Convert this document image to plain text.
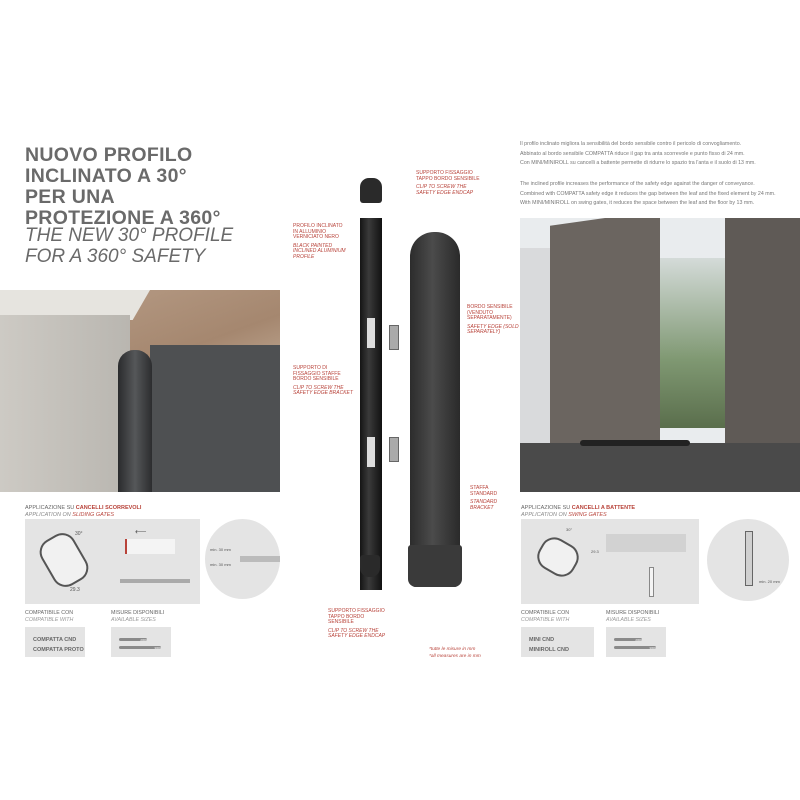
NUOVO PROFILO
INCLINATO A 30°
PER UNA
PROTEZIONE A 360°
THE NEW 30° PROFILE
FOR A 360° SAFETY
Il profilo inclinato migliora la sensibilità del bordo sensibile contro il pericolo di convogliamento.
Abbinato al bordo sensibile COMPATTA riduce il gap tra anta scorrevole e punto fisso di 24 mm.
Con MINI/MINIROLL su cancelli a battente permette di ridurre lo spazio tra l'anta e il suolo di 13 mm.
The inclined profile increases the performance of the safety edge against the danger of conveyance.
Combined with COMPATTA safety edge it reduces the gap between the leaf and the fixed element by 24 mm.
With MINI/MINIROLL on swing gates, it reduces the space between the leaf and the floor by 13 mm.
SUPPORTO FISSAGGIO TAPPO BORDO SENSIBILE
CLIP TO SCREW THE SAFETY EDGE ENDCAP
PROFILO INCLINATO IN ALLUMINIO VERNICIATO NERO
BLACK PAINTED INCLINED ALUMINIUM PROFILE
BORDO SENSIBILE (VENDUTO SEPARATAMENTE)
SAFETY EDGE (SOLD SEPARATELY)
SUPPORTO DI FISSAGGIO STAFFE BORDO SENSIBILE
CLIP TO SCREW THE SAFETY EDGE BRACKET
STAFFA STANDARD
STANDARD BRACKET
SUPPORTO FISSAGGIO TAPPO BORDO SENSIBILE
CLIP TO SCREW THE SAFETY EDGE ENDCAP
*tutte le misure in mm
*all measures are in mm
APPLICAZIONE SU CANCELLI SCORREVOLI
APPLICATION ON SLIDING GATES
30°
29.3
⟵
min. 30 mm
min. 30 mm
COMPATIBILE CON
COMPATIBLE WITH
MISURE DISPONIBILI
AVAILABLE SIZES
COMPATTA CND
COMPATTA PROTO
2000
3000
APPLICAZIONE SU CANCELLI A BATTENTE
APPLICATION ON SWING GATES
30°
29.3
min. 20 mm
COMPATIBILE CON
COMPATIBLE WITH
MISURE DISPONIBILI
AVAILABLE SIZES
MINI CND
MINIROLL CND
2000
3000
